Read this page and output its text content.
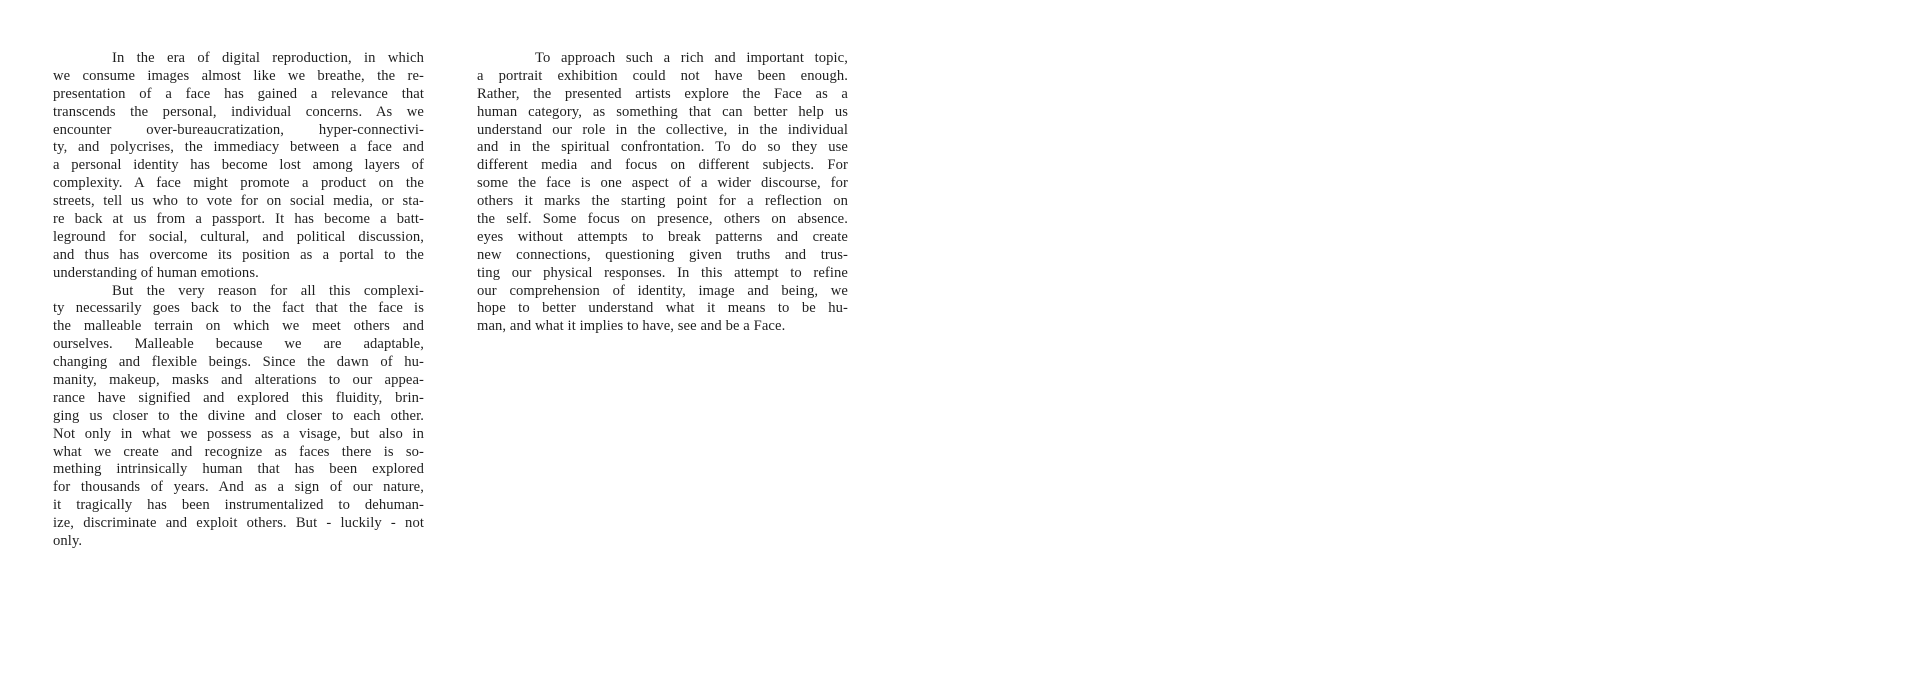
In the era of digital reproduction, in which
we consume images almost like we breathe, the re-
presentation of a face has gained a relevance that
transcends the personal, individual concerns. As we
encounter over-bureaucratization, hyper-connectivi-
ty, and polycrises, the immediacy between a face and
a personal identity has become lost among layers of
complexity. A face might promote a product on the
streets, tell us who to vote for on social media, or sta-
re back at us from a passport. It has become a batt-
leground for social, cultural, and political discussion,
and thus has overcome its position as a portal to the
understanding of human emotions.
But the very reason for all this complexi-
ty necessarily goes back to the fact that the face is
the malleable terrain on which we meet others and
ourselves. Malleable because we are adaptable,
changing and flexible beings. Since the dawn of hu-
manity, makeup, masks and alterations to our appea-
rance have signified and explored this fluidity, brin-
ging us closer to the divine and closer to each other.
Not only in what we possess as a visage, but also in
what we create and recognize as faces there is so-
mething intrinsically human that has been explored
for thousands of years. And as a sign of our nature,
it tragically has been instrumentalized to dehuman-
ize, discriminate and exploit others. But - luckily - not
only.
To approach such a rich and important topic,
a portrait exhibition could not have been enough.
Rather, the presented artists explore the Face as a
human category, as something that can better help us
understand our role in the collective, in the individual
and in the spiritual confrontation. To do so they use
different media and focus on different subjects. For
some the face is one aspect of a wider discourse, for
others it marks the starting point for a reflection on
the self. Some focus on presence, others on absence.
eyes without attempts to break patterns and create
new connections, questioning given truths and trus-
ting our physical responses. In this attempt to refine
our comprehension of identity, image and being, we
hope to better understand what it means to be hu-
man, and what it implies to have, see and be a Face.
